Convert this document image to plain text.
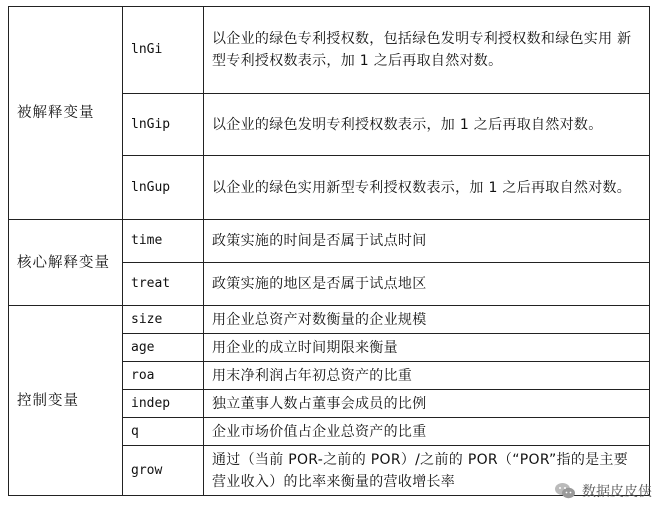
被解释变量	lnGi	以企业的绿色专利授权数，包括绿色发明专利授权数和绿色实用 新型专利授权数表示，加 1 之后再取自然对数。
	lnGip	以企业的绿色发明专利授权数表示，加 1 之后再取自然对数。
	lnGup	以企业的绿色实用新型专利授权数表示，加 1 之后再取自然对数。
核心解释变量	time	政策实施的时间是否属于试点时间
	treat	政策实施的地区是否属于试点地区
控制变量	size	用企业总资产对数衡量的企业规模
	age	用企业的成立时间期限来衡量
	roa	用末净利润占年初总资产的比重
	indep	独立董事人数占董事会成员的比例
	q	企业市场价值占企业总资产的比重
	grow	通过（当前 POR-之前的 POR）/之前的 POR（“POR”指的是主要 营业收入）的比率来衡量的营收增长率
数据皮皮侠
